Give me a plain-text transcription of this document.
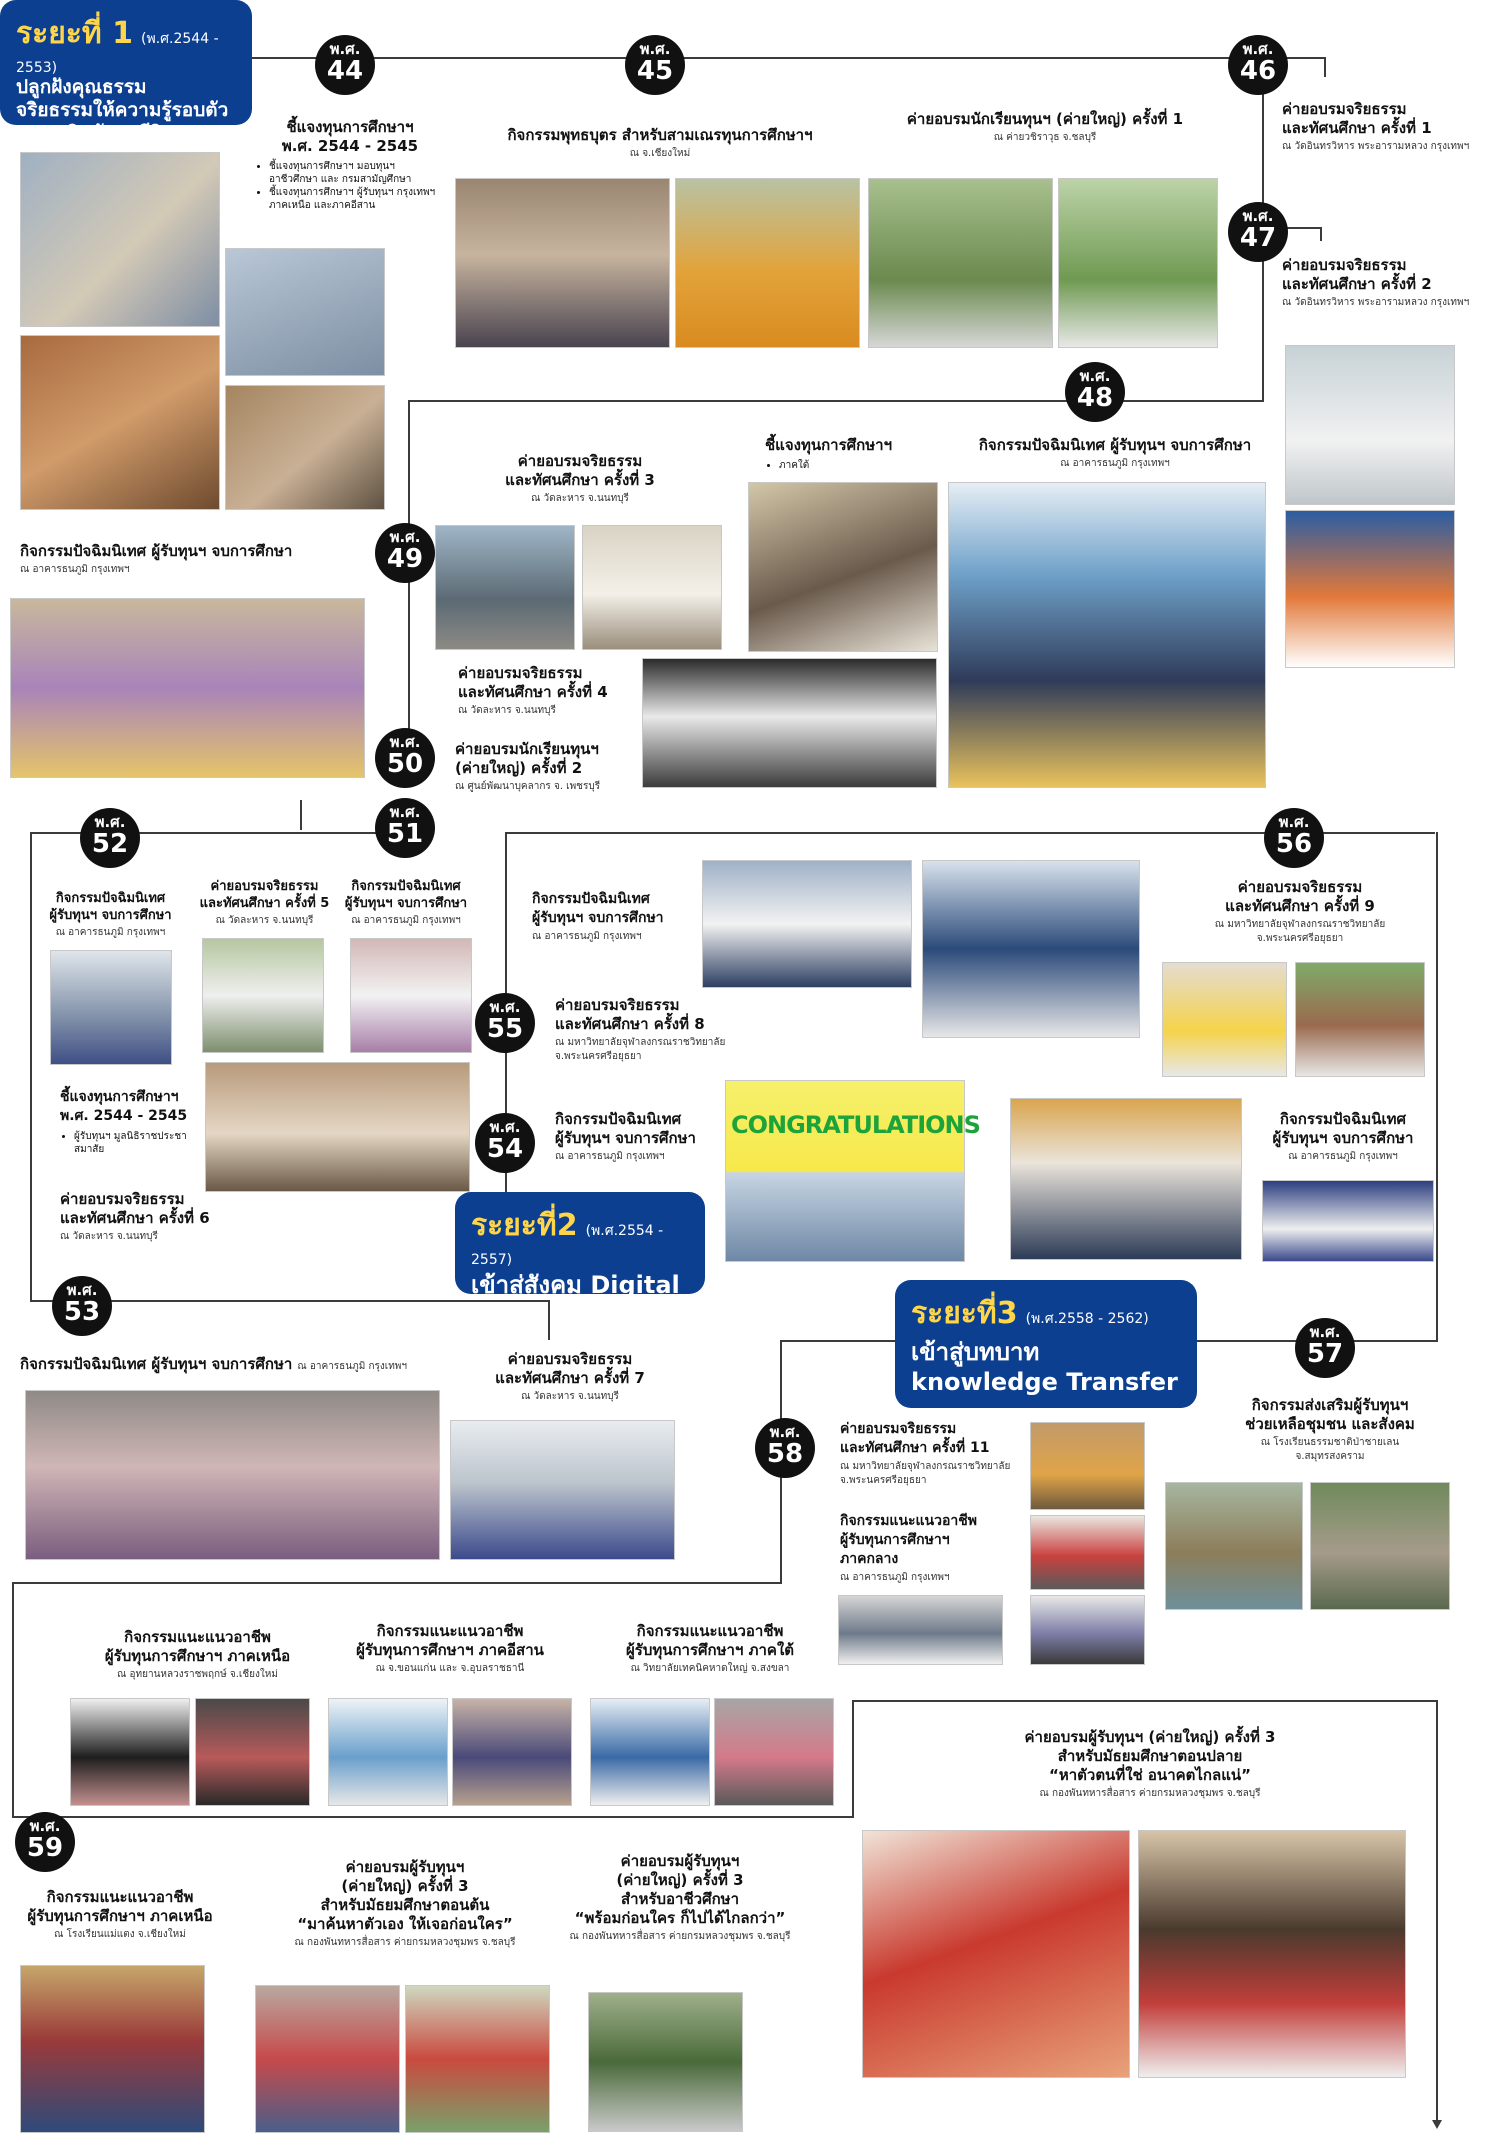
ระยะที่ 1 (พ.ศ.2544 - 2553)
ปลูกฝังคุณธรรม
จริยธรรมให้ความรู้รอบตัว
และเสริมทักษะชีวิต
ระยะที่2 (พ.ศ.2554 - 2557)
เข้าสู่สังคม Digital
ระยะที่3 (พ.ศ.2558 - 2562)
เข้าสู่บทบาท
knowledge Transfer
พ.ศ.
44
พ.ศ.
45
พ.ศ.
46
พ.ศ.
47
พ.ศ.
48
พ.ศ.
49
พ.ศ.
50
พ.ศ.
51
พ.ศ.
52
พ.ศ.
55
พ.ศ.
54
พ.ศ.
56
พ.ศ.
53
พ.ศ.
57
พ.ศ.
58
พ.ศ.
59
ชี้แจงทุนการศึกษาฯ
พ.ศ. 2544 - 2545
• ชี้แจงทุนการศึกษาฯ มอบทุนฯ อาชีวศึกษา และ กรมสามัญศึกษา
• ชี้แจงทุนการศึกษาฯ ผู้รับทุนฯ กรุงเทพฯ ภาคเหนือ และภาคอีสาน
กิจกรรมพุทธบุตร สำหรับสามเณรทุนการศึกษาฯ
ณ จ.เชียงใหม่
ค่ายอบรมนักเรียนทุนฯ (ค่ายใหญ่) ครั้งที่ 1
ณ ค่ายวชิราวุธ จ.ชลบุรี
ค่ายอบรมจริยธรรม
และทัศนศึกษา ครั้งที่ 1
ณ วัดอินทรวิหาร พระอารามหลวง กรุงเทพฯ
ค่ายอบรมจริยธรรม
และทัศนศึกษา ครั้งที่ 2
ณ วัดอินทรวิหาร พระอารามหลวง กรุงเทพฯ
ค่ายอบรมจริยธรรม
และทัศนศึกษา ครั้งที่ 3
ณ วัดละหาร จ.นนทบุรี
ชี้แจงทุนการศึกษาฯ
• ภาคใต้
กิจกรรมปัจฉิมนิเทศ ผู้รับทุนฯ จบการศึกษา
ณ อาคารธนภูมิ กรุงเทพฯ
กิจกรรมปัจฉิมนิเทศ ผู้รับทุนฯ จบการศึกษา
ณ อาคารธนภูมิ กรุงเทพฯ
ค่ายอบรมจริยธรรม
และทัศนศึกษา ครั้งที่ 4
ณ วัดละหาร จ.นนทบุรี
ค่ายอบรมนักเรียนทุนฯ
(ค่ายใหญ่) ครั้งที่ 2
ณ ศูนย์พัฒนาบุคลากร จ. เพชรบุรี
กิจกรรมปัจฉิมนิเทศ
ผู้รับทุนฯ จบการศึกษา
ณ อาคารธนภูมิ กรุงเทพฯ
ค่ายอบรมจริยธรรม
และทัศนศึกษา ครั้งที่ 5
ณ วัดละหาร จ.นนทบุรี
กิจกรรมปัจฉิมนิเทศ
ผู้รับทุนฯ จบการศึกษา
ณ อาคารธนภูมิ กรุงเทพฯ
กิจกรรมปัจฉิมนิเทศ
ผู้รับทุนฯ จบการศึกษา
ณ อาคารธนภูมิ กรุงเทพฯ
ค่ายอบรมจริยธรรม
และทัศนศึกษา ครั้งที่ 9
ณ มหาวิทยาลัยจุฬาลงกรณราชวิทยาลัย จ.พระนครศรีอยุธยา
ค่ายอบรมจริยธรรม
และทัศนศึกษา ครั้งที่ 8
ณ มหาวิทยาลัยจุฬาลงกรณราชวิทยาลัย จ.พระนครศรีอยุธยา
ชี้แจงทุนการศึกษาฯ
พ.ศ. 2544 - 2545
• ผู้รับทุนฯ มูลนิธิราชประชาสมาสัย
กิจกรรมปัจฉิมนิเทศ
ผู้รับทุนฯ จบการศึกษา
ณ อาคารธนภูมิ กรุงเทพฯ
กิจกรรมปัจฉิมนิเทศ
ผู้รับทุนฯ จบการศึกษา
ณ อาคารธนภูมิ กรุงเทพฯ
ค่ายอบรมจริยธรรม
และทัศนศึกษา ครั้งที่ 6
ณ วัดละหาร จ.นนทบุรี
กิจกรรมปัจฉิมนิเทศ ผู้รับทุนฯ จบการศึกษา ณ อาคารธนภูมิ กรุงเทพฯ	ค่ายอบรมจริยธรรม
และทัศนศึกษา ครั้งที่ 7
ณ วัดละหาร จ.นนทบุรี	กิจกรรมส่งเสริมผู้รับทุนฯ
ช่วยเหลือชุมชน และสังคม
ณ โรงเรียนธรรมชาติป่าชายเลน จ.สมุทรสงคราม
ค่ายอบรมจริยธรรม
และทัศนศึกษา ครั้งที่ 11
ณ มหาวิทยาลัยจุฬาลงกรณราชวิทยาลัย จ.พระนครศรีอยุธยา
กิจกรรมแนะแนวอาชีพ
ผู้รับทุนการศึกษาฯ
ภาคกลาง
ณ อาคารธนภูมิ กรุงเทพฯ
กิจกรรมแนะแนวอาชีพ
ผู้รับทุนการศึกษาฯ ภาคเหนือ
ณ อุทยานหลวงราชพฤกษ์ จ.เชียงใหม่
กิจกรรมแนะแนวอาชีพ
ผู้รับทุนการศึกษาฯ ภาคอีสาน
ณ จ.ขอนแก่น และ จ.อุบลราชธานี
กิจกรรมแนะแนวอาชีพ
ผู้รับทุนการศึกษาฯ ภาคใต้
ณ วิทยาลัยเทคนิคหาดใหญ่ จ.สงขลา
ค่ายอบรมผู้รับทุนฯ (ค่ายใหญ่) ครั้งที่ 3
สำหรับมัธยมศึกษาตอนปลาย
“หาตัวตนที่ใช่ อนาคตไกลแน่”
ณ กองพันทหารสื่อสาร ค่ายกรมหลวงชุมพร จ.ชลบุรี
กิจกรรมแนะแนวอาชีพ
ผู้รับทุนการศึกษาฯ ภาคเหนือ
ณ โรงเรียนแม่แตง จ.เชียงใหม่
ค่ายอบรมผู้รับทุนฯ
(ค่ายใหญ่) ครั้งที่ 3
สำหรับมัธยมศึกษาตอนต้น
“มาค้นหาตัวเอง ให้เจอก่อนใคร”
ณ กองพันทหารสื่อสาร ค่ายกรมหลวงชุมพร จ.ชลบุรี
ค่ายอบรมผู้รับทุนฯ
(ค่ายใหญ่) ครั้งที่ 3
สำหรับอาชีวศึกษา
“พร้อมก่อนใคร ก็ไปได้ไกลกว่า”
ณ กองพันทหารสื่อสาร ค่ายกรมหลวงชุมพร จ.ชลบุรี
CONGRATULATIONS
